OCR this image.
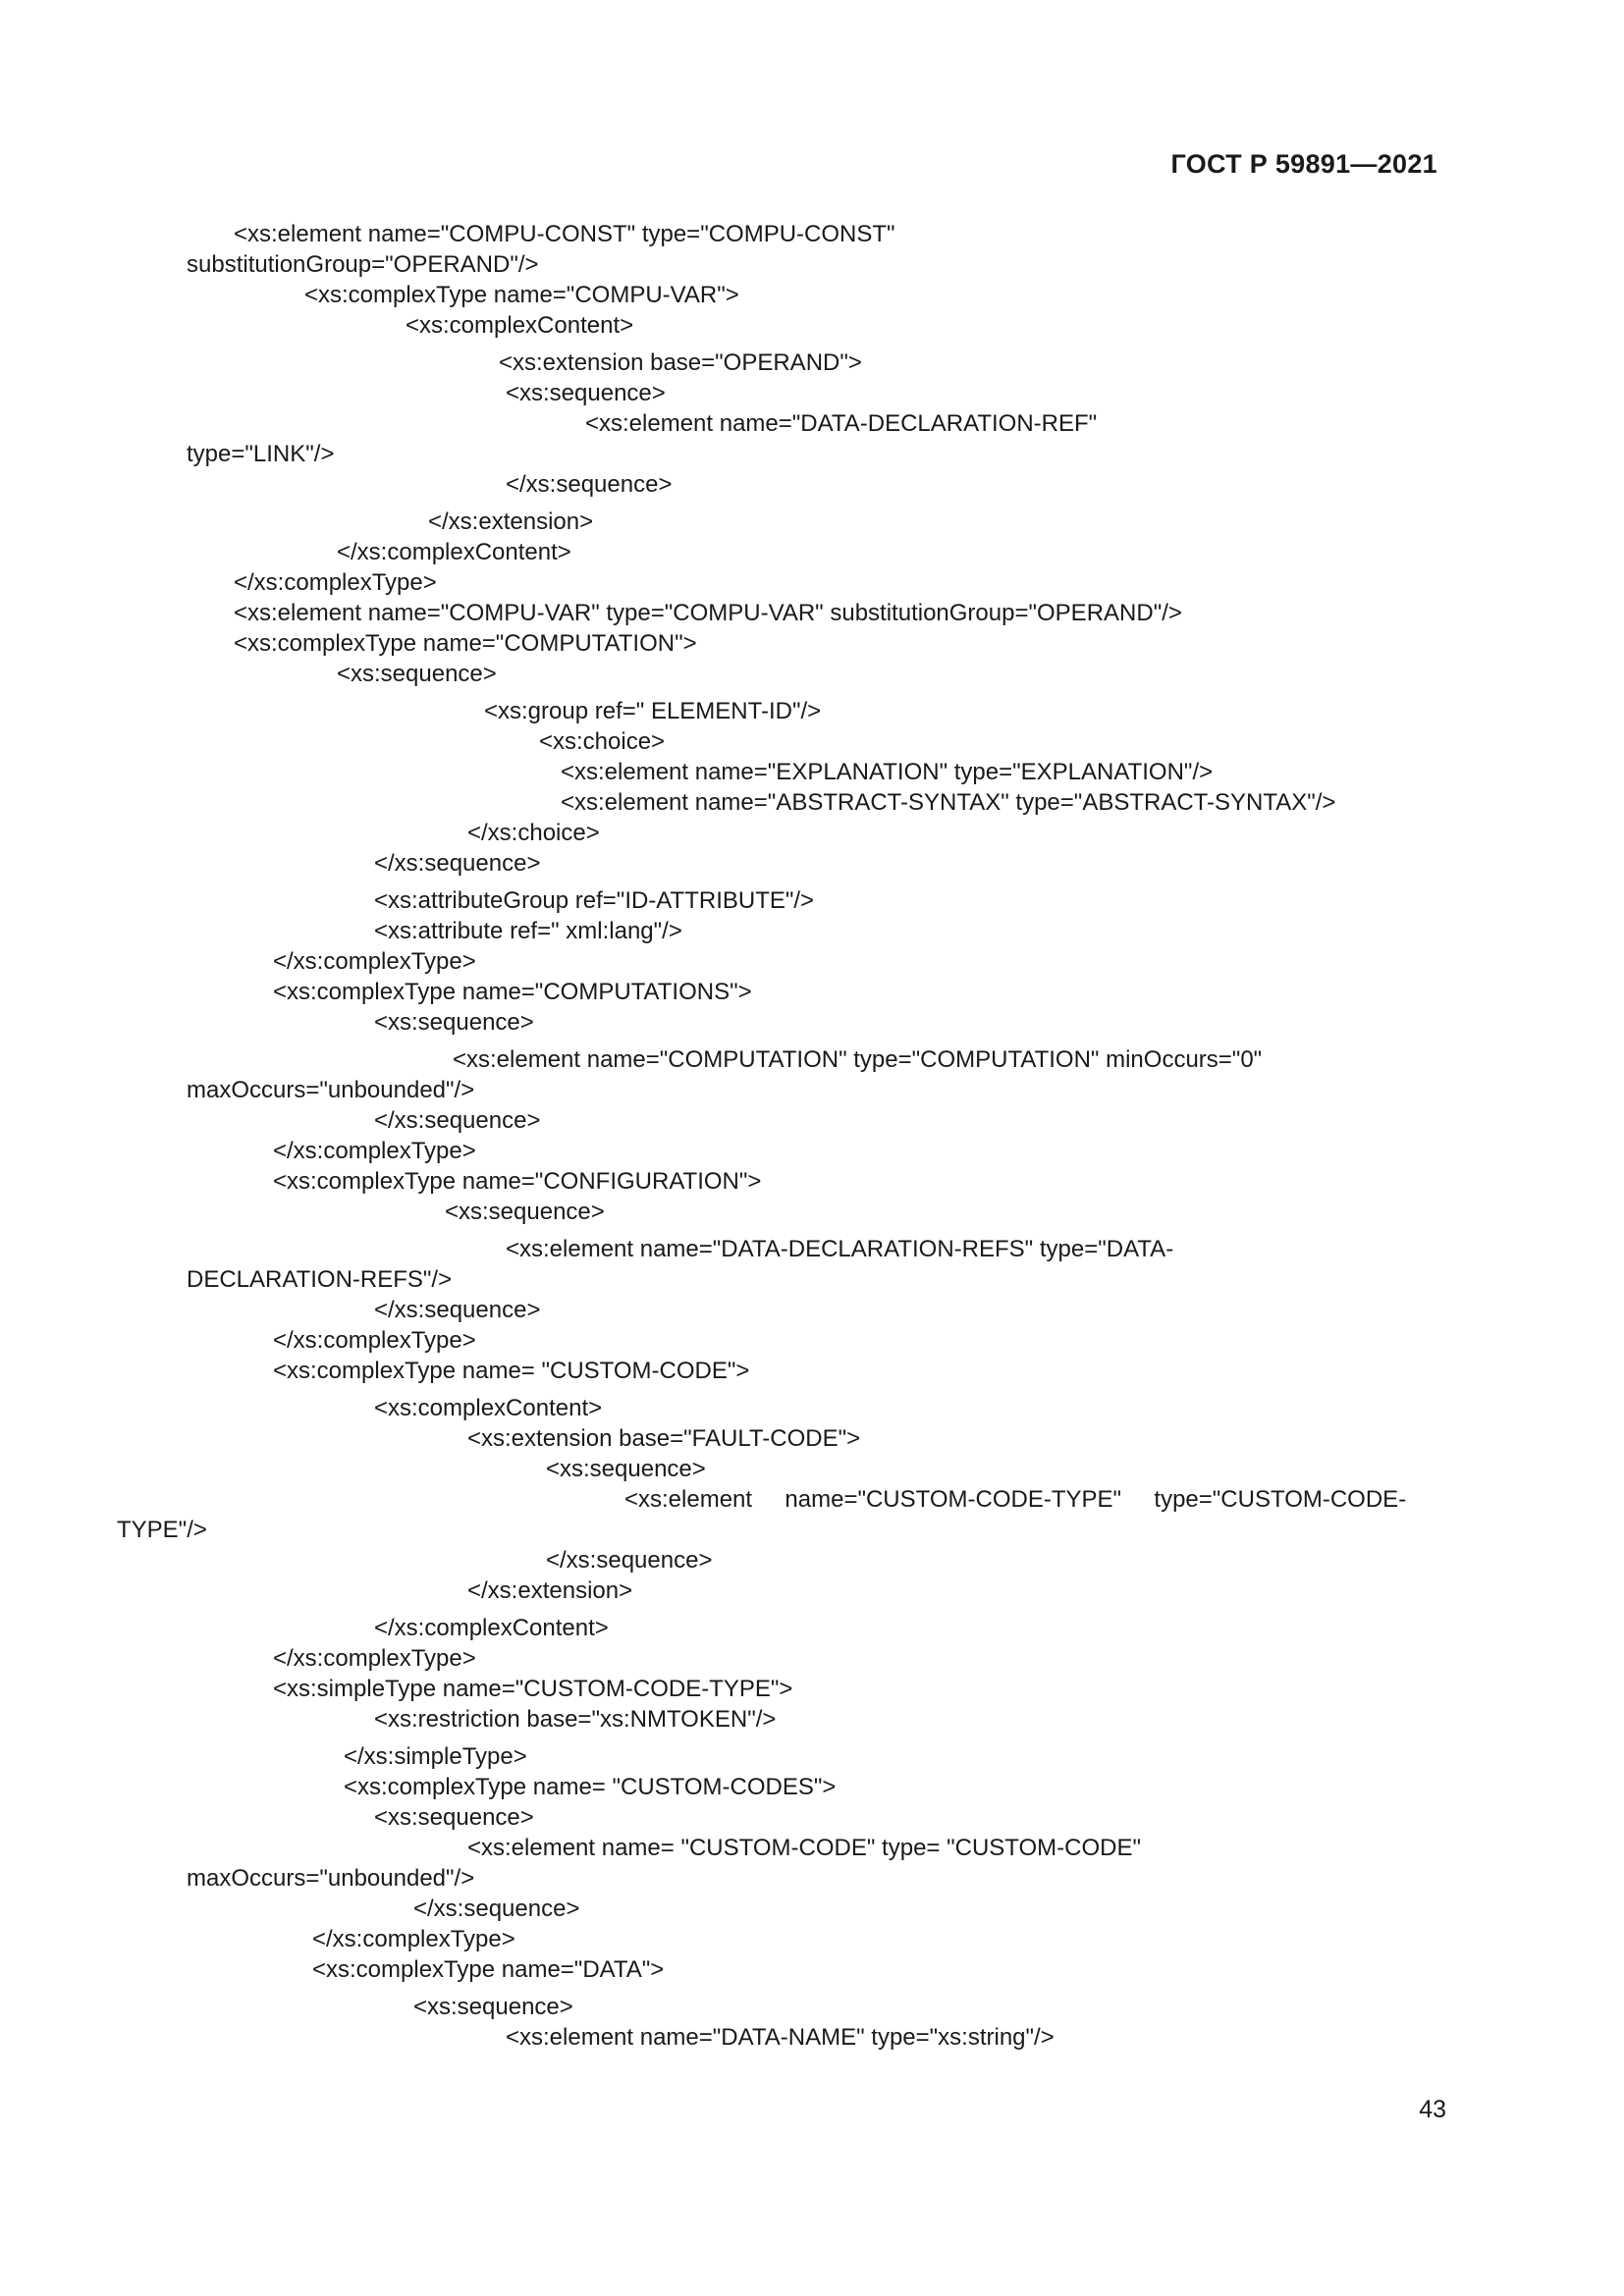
ГОСТ Р 59891—2021
<xs:element name="COMPU-CONST" type="COMPU-CONST"
substitutionGroup="OPERAND"/>
<xs:complexType name="COMPU-VAR">
<xs:complexContent>
<xs:extension base="OPERAND">
<xs:sequence>
<xs:element name="DATA-DECLARATION-REF"
type="LINK"/>
</xs:sequence>
</xs:extension>
</xs:complexContent>
</xs:complexType>
<xs:element name="COMPU-VAR" type="COMPU-VAR" substitutionGroup="OPERAND"/>
<xs:complexType name="COMPUTATION">
<xs:sequence>
<xs:group ref=" ELEMENT-ID"/>
<xs:choice>
<xs:element name="EXPLANATION" type="EXPLANATION"/>
<xs:element name="ABSTRACT-SYNTAX" type="ABSTRACT-SYNTAX"/>
</xs:choice>
</xs:sequence>
<xs:attributeGroup ref="ID-ATTRIBUTE"/>
<xs:attribute ref=" xml:lang"/>
</xs:complexType>
<xs:complexType name="COMPUTATIONS">
<xs:sequence>
<xs:element name="COMPUTATION" type="COMPUTATION" minOccurs="0"
maxOccurs="unbounded"/>
</xs:sequence>
</xs:complexType>
<xs:complexType name="CONFIGURATION">
<xs:sequence>
<xs:element name="DATA-DECLARATION-REFS" type="DATA-
DECLARATION-REFS"/>
</xs:sequence>
</xs:complexType>
<xs:complexType name= "CUSTOM-CODE">
<xs:complexContent>
<xs:extension base="FAULT-CODE">
<xs:sequence>
<xs:element     name="CUSTOM-CODE-TYPE"     type="CUSTOM-CODE-
TYPE"/>
</xs:sequence>
</xs:extension>
</xs:complexContent>
</xs:complexType>
<xs:simpleType name="CUSTOM-CODE-TYPE">
<xs:restriction base="xs:NMTOKEN"/>
</xs:simpleType>
<xs:complexType name= "CUSTOM-CODES">
<xs:sequence>
<xs:element name= "CUSTOM-CODE" type= "CUSTOM-CODE"
maxOccurs="unbounded"/>
</xs:sequence>
</xs:complexType>
<xs:complexType name="DATA">
<xs:sequence>
<xs:element name="DATA-NAME" type="xs:string"/>
43
